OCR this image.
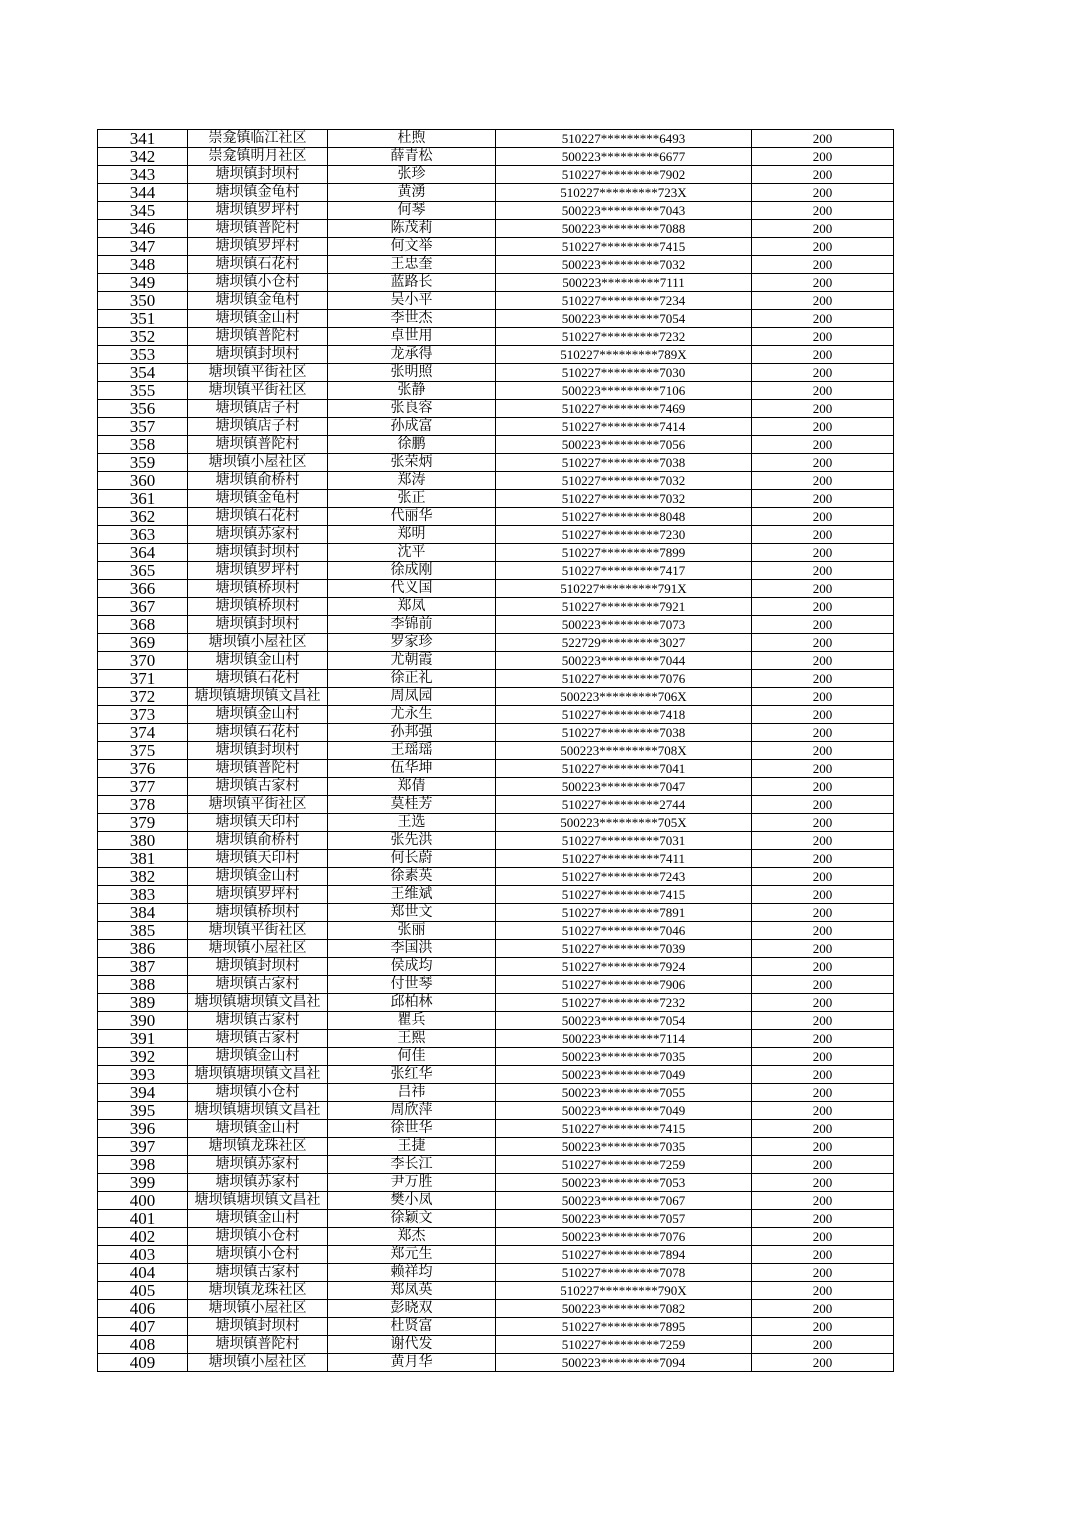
341	崇龛镇临江社区	杜煦	510227*********6493	200
342	崇龛镇明月社区	薛青松	500223*********6677	200
343	塘坝镇封坝村	张珍	510227*********7902	200
344	塘坝镇金龟村	黄湧	510227*********723X	200
345	塘坝镇罗坪村	何琴	500223*********7043	200
346	塘坝镇普陀村	陈茂莉	500223*********7088	200
347	塘坝镇罗坪村	何文举	510227*********7415	200
348	塘坝镇石花村	王忠奎	500223*********7032	200
349	塘坝镇小仓村	蓝路长	500223*********7111	200
350	塘坝镇金龟村	吴小平	510227*********7234	200
351	塘坝镇金山村	李世杰	500223*********7054	200
352	塘坝镇普陀村	卓世用	510227*********7232	200
353	塘坝镇封坝村	龙承得	510227*********789X	200
354	塘坝镇平街社区	张明照	510227*********7030	200
355	塘坝镇平街社区	张静	500223*********7106	200
356	塘坝镇店子村	张良容	510227*********7469	200
357	塘坝镇店子村	孙成富	510227*********7414	200
358	塘坝镇普陀村	徐鹏	500223*********7056	200
359	塘坝镇小屋社区	张荣炳	510227*********7038	200
360	塘坝镇俞桥村	郑涛	510227*********7032	200
361	塘坝镇金龟村	张正	510227*********7032	200
362	塘坝镇石花村	代丽华	510227*********8048	200
363	塘坝镇苏家村	郑明	510227*********7230	200
364	塘坝镇封坝村	沈平	510227*********7899	200
365	塘坝镇罗坪村	徐成刚	510227*********7417	200
366	塘坝镇桥坝村	代义国	510227*********791X	200
367	塘坝镇桥坝村	郑凤	510227*********7921	200
368	塘坝镇封坝村	李锦前	500223*********7073	200
369	塘坝镇小屋社区	罗家珍	522729*********3027	200
370	塘坝镇金山村	尤朝霞	500223*********7044	200
371	塘坝镇石花村	徐正礼	510227*********7076	200
372	塘坝镇塘坝镇文昌社	周凤园	500223*********706X	200
373	塘坝镇金山村	尤永生	510227*********7418	200
374	塘坝镇石花村	孙邦强	510227*********7038	200
375	塘坝镇封坝村	王瑶瑶	500223*********708X	200
376	塘坝镇普陀村	伍华坤	510227*********7041	200
377	塘坝镇古家村	郑倩	500223*********7047	200
378	塘坝镇平街社区	莫桂芳	510227*********2744	200
379	塘坝镇天印村	王选	500223*********705X	200
380	塘坝镇俞桥村	张先洪	510227*********7031	200
381	塘坝镇天印村	何长蔚	510227*********7411	200
382	塘坝镇金山村	徐素英	510227*********7243	200
383	塘坝镇罗坪村	王维斌	510227*********7415	200
384	塘坝镇桥坝村	郑世文	510227*********7891	200
385	塘坝镇平街社区	张丽	510227*********7046	200
386	塘坝镇小屋社区	李国洪	510227*********7039	200
387	塘坝镇封坝村	侯成均	510227*********7924	200
388	塘坝镇古家村	付世琴	510227*********7906	200
389	塘坝镇塘坝镇文昌社	邱柏林	510227*********7232	200
390	塘坝镇古家村	瞿兵	500223*********7054	200
391	塘坝镇古家村	王熙	500223*********7114	200
392	塘坝镇金山村	何佳	500223*********7035	200
393	塘坝镇塘坝镇文昌社	张红华	500223*********7049	200
394	塘坝镇小仓村	吕祎	500223*********7055	200
395	塘坝镇塘坝镇文昌社	周欣萍	500223*********7049	200
396	塘坝镇金山村	徐世华	510227*********7415	200
397	塘坝镇龙珠社区	王捷	500223*********7035	200
398	塘坝镇苏家村	李长江	510227*********7259	200
399	塘坝镇苏家村	尹万胜	500223*********7053	200
400	塘坝镇塘坝镇文昌社	樊小凤	500223*********7067	200
401	塘坝镇金山村	徐颖文	500223*********7057	200
402	塘坝镇小仓村	郑杰	500223*********7076	200
403	塘坝镇小仓村	郑元生	510227*********7894	200
404	塘坝镇古家村	赖祥均	510227*********7078	200
405	塘坝镇龙珠社区	郑凤英	510227*********790X	200
406	塘坝镇小屋社区	彭晓双	500223*********7082	200
407	塘坝镇封坝村	杜贤富	510227*********7895	200
408	塘坝镇普陀村	谢代发	510227*********7259	200
409	塘坝镇小屋社区	黄月华	500223*********7094	200
